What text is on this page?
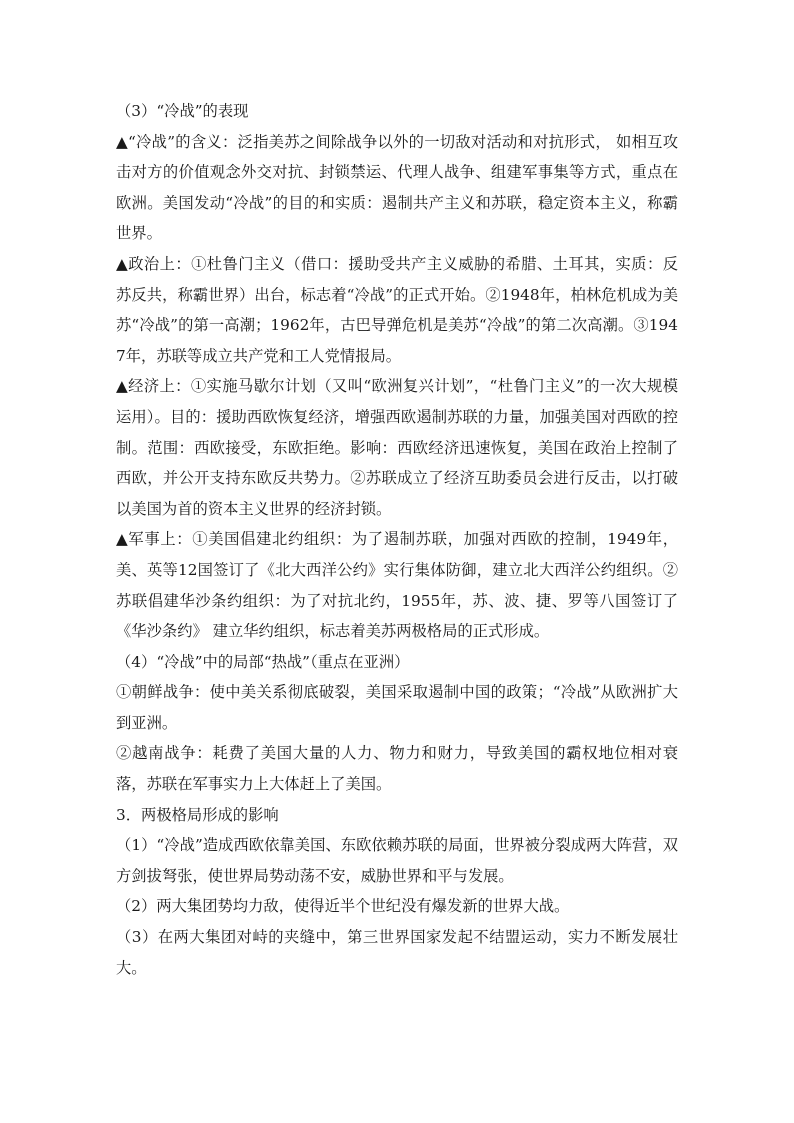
（3）“冷战”的表现

▲“冷战”的含义：泛指美苏之间除战争以外的一切敌对活动和对抗形式， 如相互攻击对方的价值观念外交对抗、封锁禁运、代理人战争、组建军事集等方式，重点在欧洲。美国发动“冷战”的目的和实质：遏制共产主义和苏联，稳定资本主义，称霸世界。

▲政治上：①杜鲁门主义（借口：援助受共产主义威胁的希腊、土耳其，实质：反苏反共，称霸世界）出台，标志着“冷战”的正式开始。②1948年，柏林危机成为美苏“冷战”的第一高潮；1962年，古巴导弹危机是美苏“冷战”的第二次高潮。③1947年，苏联等成立共产党和工人党情报局。

▲经济上：①实施马歇尔计划（又叫“欧洲复兴计划”，“杜鲁门主义”的一次大规模运用）。目的：援助西欧恢复经济，增强西欧遏制苏联的力量，加强美国对西欧的控制。范围：西欧接受，东欧拒绝。影响：西欧经济迅速恢复，美国在政治上控制了西欧，并公开支持东欧反共势力。②苏联成立了经济互助委员会进行反击，以打破以美国为首的资本主义世界的经济封锁。

▲军事上：①美国倡建北约组织：为了遏制苏联，加强对西欧的控制，1949年，美、英等12国签订了《北大西洋公约》实行集体防御，建立北大西洋公约组织。②苏联倡建华沙条约组织：为了对抗北约，1955年，苏、波、捷、罗等八国签订了《华沙条约》 建立华约组织，标志着美苏两极格局的正式形成。

（4）“冷战”中的局部“热战”（重点在亚洲）

①朝鲜战争：使中美关系彻底破裂，美国采取遏制中国的政策；“冷战”从欧洲扩大到亚洲。

②越南战争：耗费了美国大量的人力、物力和财力，导致美国的霸权地位相对衰落，苏联在军事实力上大体赶上了美国。

3．两极格局形成的影响

（1）“冷战”造成西欧依靠美国、东欧依赖苏联的局面，世界被分裂成两大阵营，双方剑拔弩张，使世界局势动荡不安，威胁世界和平与发展。

（2）两大集团势均力敌，使得近半个世纪没有爆发新的世界大战。

（3）在两大集团对峙的夹缝中，第三世界国家发起不结盟运动，实力不断发展壮大。
